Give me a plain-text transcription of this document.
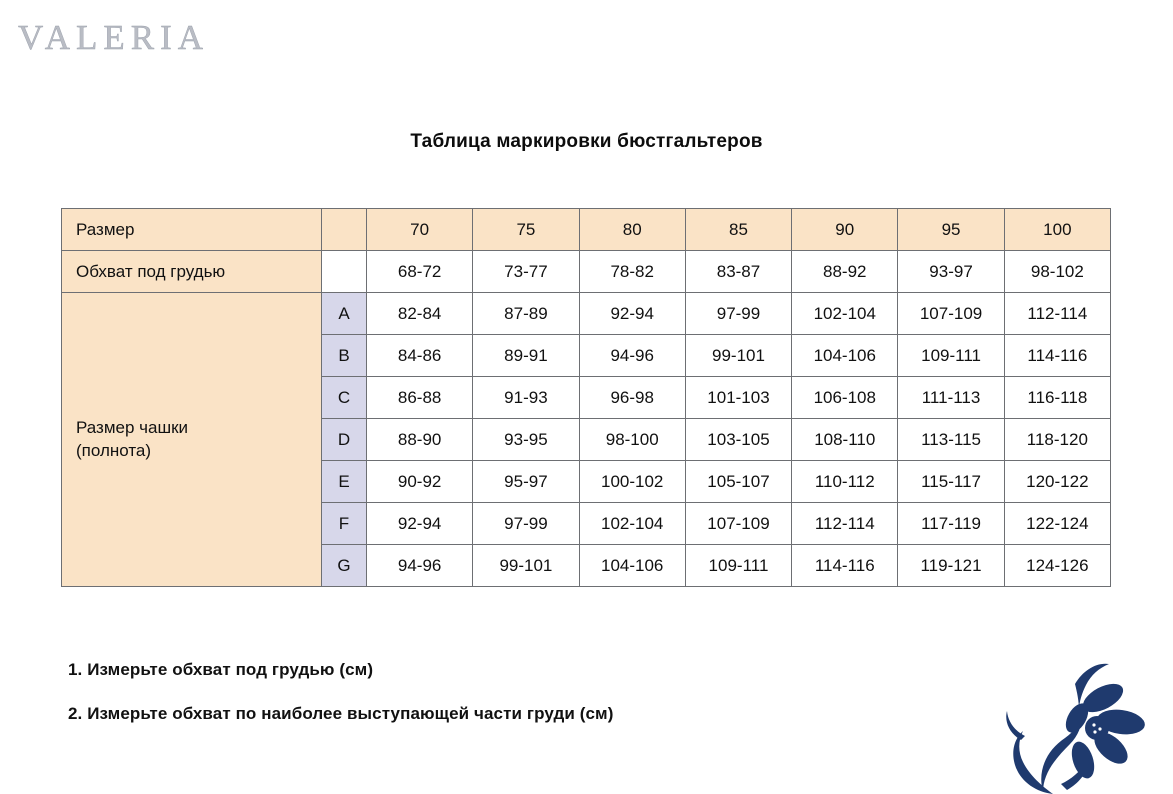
VALERIA
Таблица маркировки бюстгальтеров
Размер		70	75	80	85	90	95	100
Обхват под грудью		68-72	73-77	78-82	83-87	88-92	93-97	98-102

Размер чашки
(полнота)	A	82-84	87-89	92-94	97-99	102-104	107-109	112-114
	B	84-86	89-91	94-96	99-101	104-106	109-111	114-116
	C	86-88	91-93	96-98	101-103	106-108	111-113	116-118
	D	88-90	93-95	98-100	103-105	108-110	113-115	118-120
	E	90-92	95-97	100-102	105-107	110-112	115-117	120-122
	F	92-94	97-99	102-104	107-109	112-114	117-119	122-124
	G	94-96	99-101	104-106	109-111	114-116	119-121	124-126
1. Измерьте обхват под грудью (см)
2. Измерьте обхват по наиболее выступающей части груди (см)
